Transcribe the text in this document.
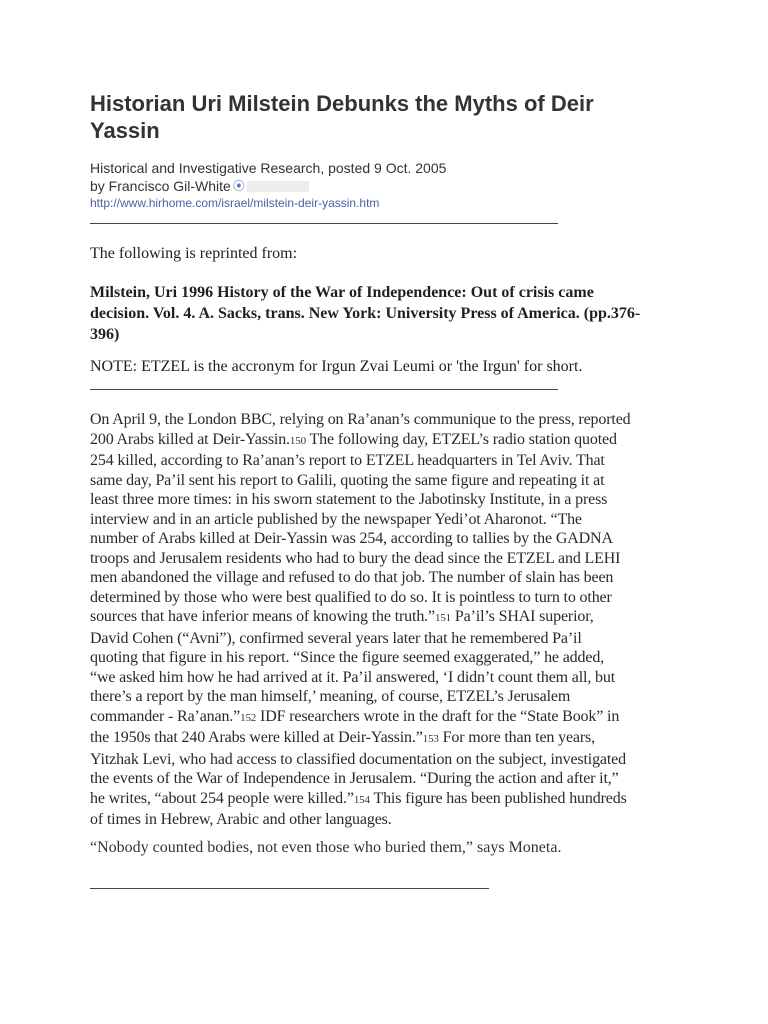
Historian Uri Milstein Debunks the Myths of Deir Yassin
Historical and Investigative Research, posted 9 Oct. 2005
by Francisco Gil-White ⦿
http://www.hirhome.com/israel/milstein-deir-yassin.htm

The following is reprinted from:

Milstein, Uri 1996 History of the War of Independence: Out of crisis came decision. Vol. 4. A. Sacks, trans. New York: University Press of America. (pp.376-396)

NOTE: ETZEL is the accronym for Irgun Zvai Leumi or 'the Irgun' for short.

On April 9, the London BBC, relying on Ra’anan’s communique to the press, reported
200 Arabs killed at Deir-Yassin.150 The following day, ETZEL’s radio station quoted
254 killed, according to Ra’anan’s report to ETZEL headquarters in Tel Aviv. That
same day, Pa’il sent his report to Galili, quoting the same figure and repeating it at
least three more times: in his sworn statement to the Jabotinsky Institute, in a press
interview and in an article published by the newspaper Yedi’ot Aharonot. “The
number of Arabs killed at Deir-Yassin was 254, according to tallies by the GADNA
troops and Jerusalem residents who had to bury the dead since the ETZEL and LEHI
men abandoned the village and refused to do that job. The number of slain has been
determined by those who were best qualified to do so. It is pointless to turn to other
sources that have inferior means of knowing the truth.”151 Pa’il’s SHAI superior,
David Cohen (“Avni”), confirmed several years later that he remembered Pa’il
quoting that figure in his report. “Since the figure seemed exaggerated,” he added,
“we asked him how he had arrived at it. Pa’il answered, ‘I didn’t count them all, but
there’s a report by the man himself,’ meaning, of course, ETZEL’s Jerusalem
commander - Ra’anan.”152 IDF researchers wrote in the draft for the “State Book” in
the 1950s that 240 Arabs were killed at Deir-Yassin.”153 For more than ten years,
Yitzhak Levi, who had access to classified documentation on the subject, investigated
the events of the War of Independence in Jerusalem. “During the action and after it,”
he writes, “about 254 people were killed.”154 This figure has been published hundreds
of times in Hebrew, Arabic and other languages.

“Nobody counted bodies, not even those who buried them,” says Moneta.
